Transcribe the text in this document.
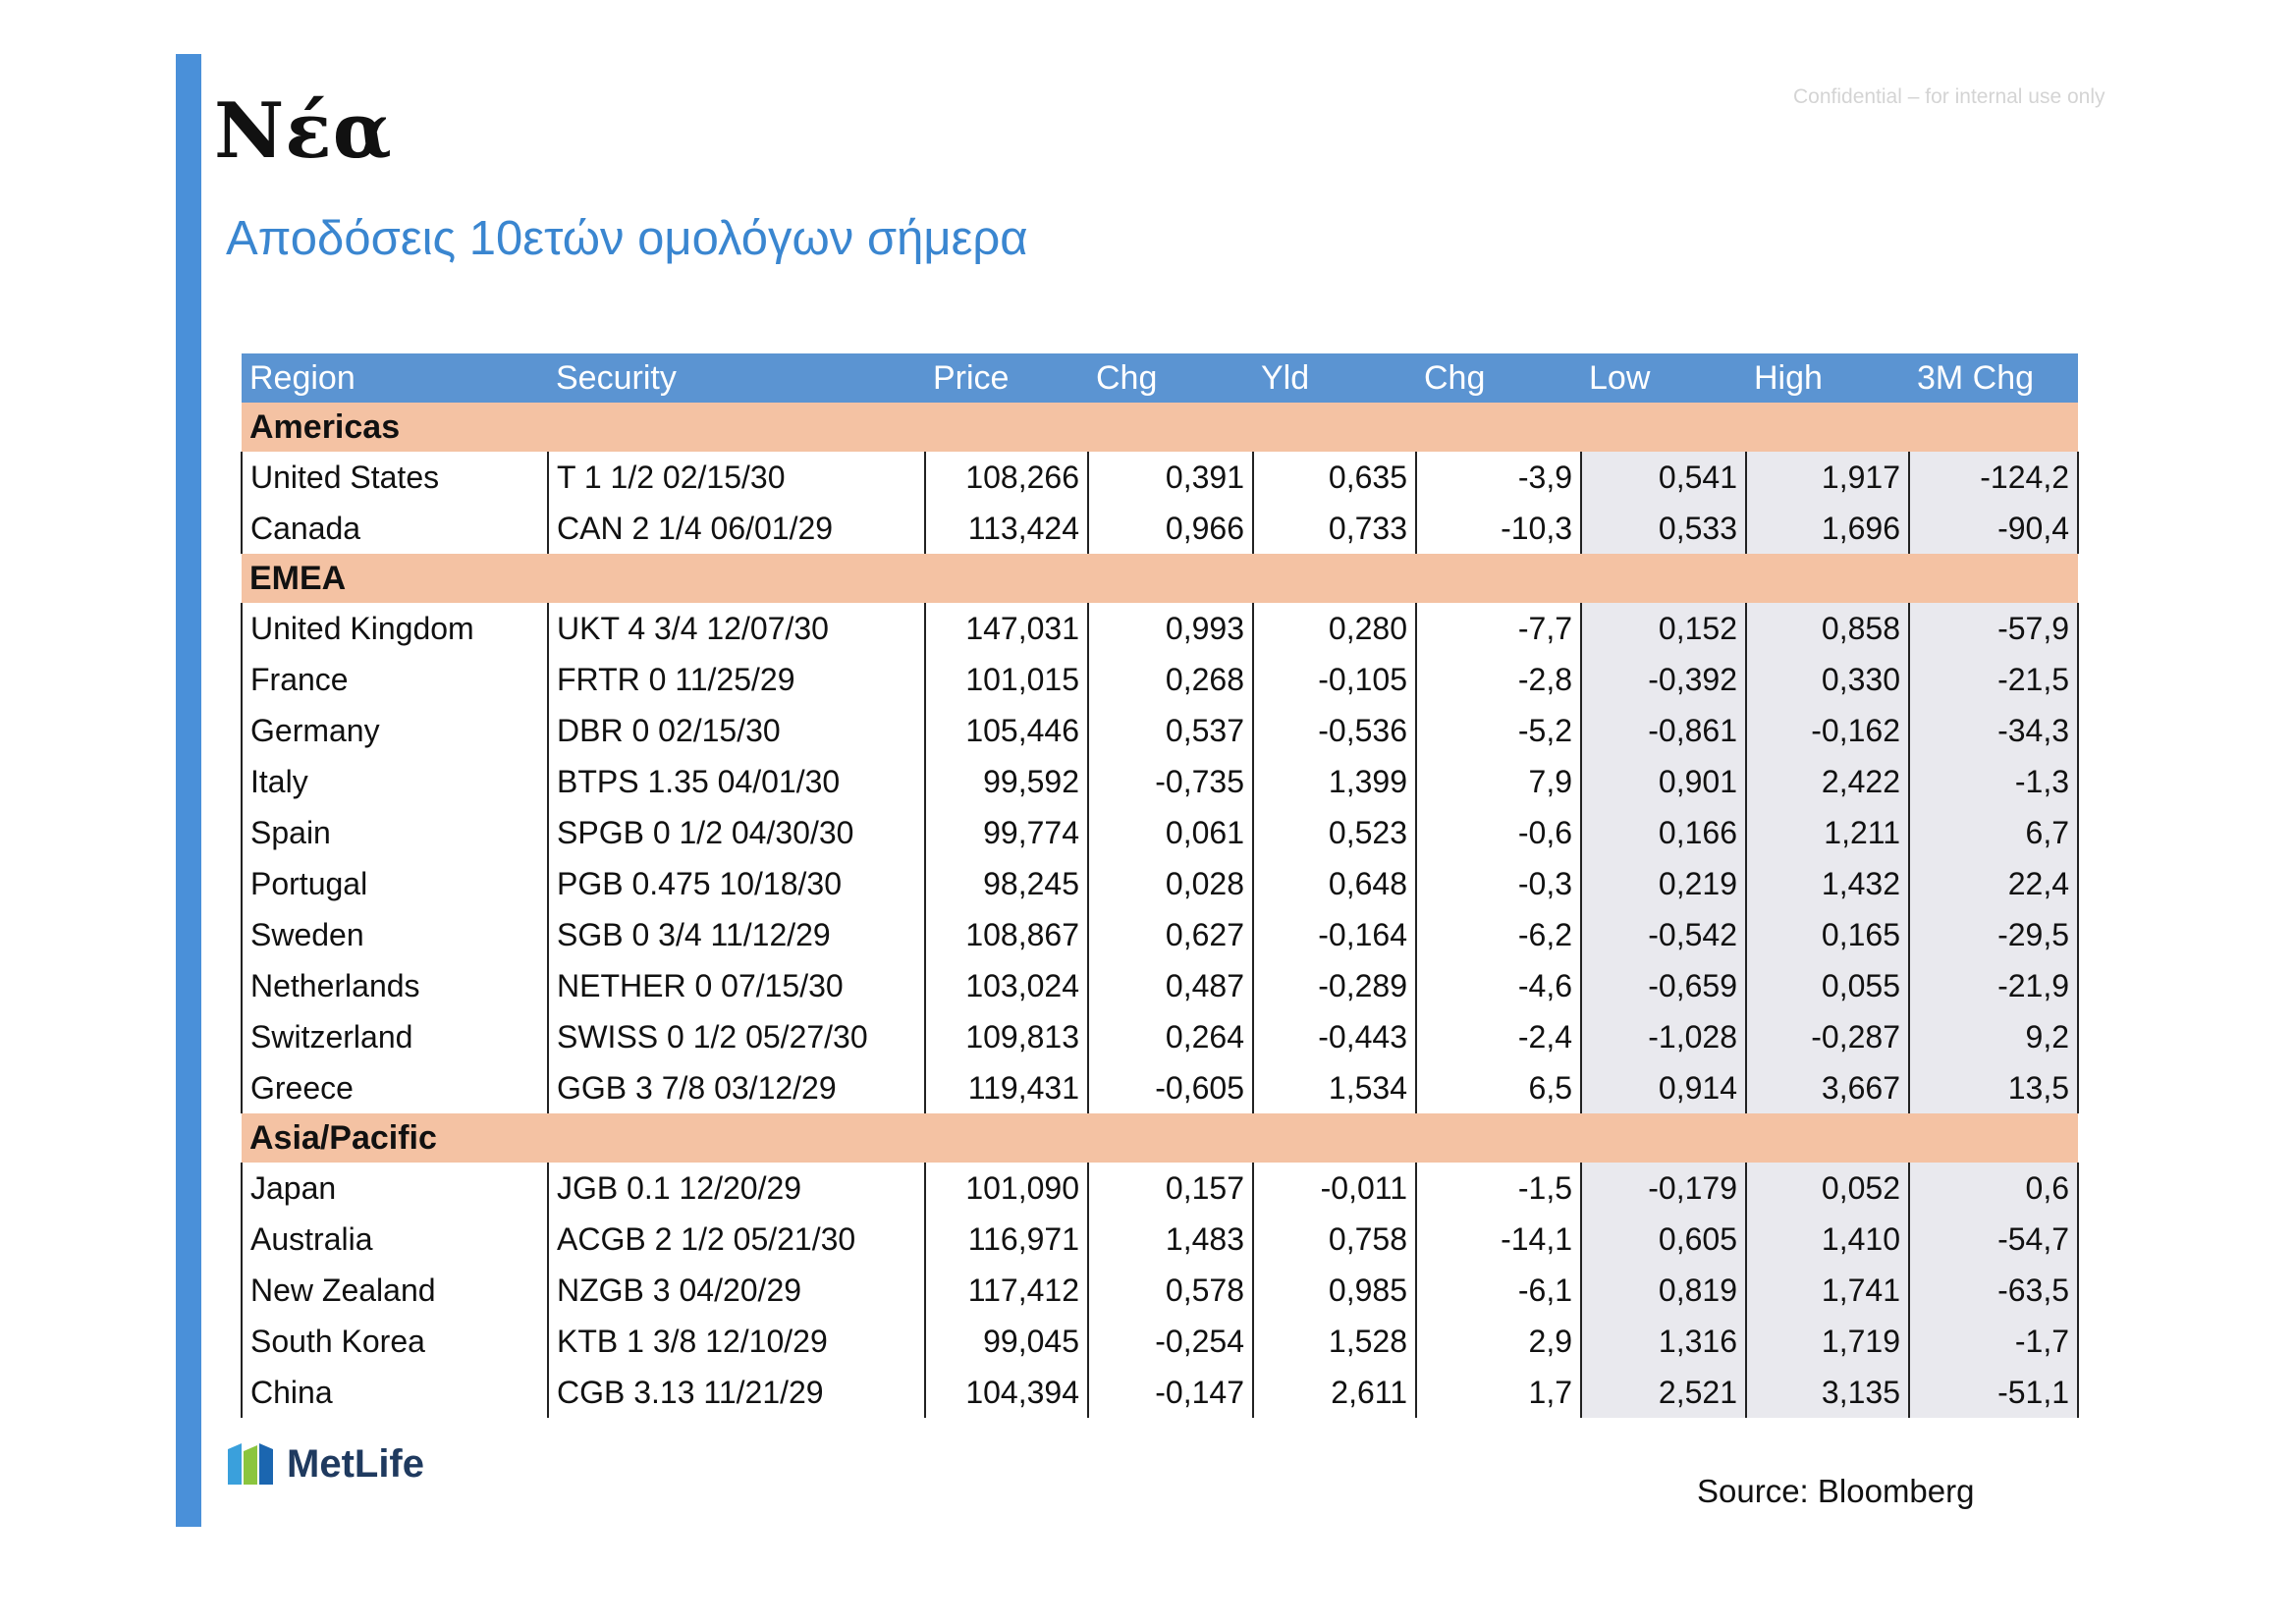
Νέα	Confidential – for internal use only
Αποδόσεις 10ετών ομολόγων σήμερα
Region	Security	Price	Chg	Yld	Chg	Low	High	3M Chg
Americas								
United States	T 1 1/2 02/15/30	108,266	0,391	0,635	-3,9	0,541	1,917	-124,2
Canada	CAN 2 1/4 06/01/29	113,424	0,966	0,733	-10,3	0,533	1,696	-90,4
EMEA								
United Kingdom	UKT 4 3/4 12/07/30	147,031	0,993	0,280	-7,7	0,152	0,858	-57,9
France	FRTR 0 11/25/29	101,015	0,268	-0,105	-2,8	-0,392	0,330	-21,5
Germany	DBR 0 02/15/30	105,446	0,537	-0,536	-5,2	-0,861	-0,162	-34,3
Italy	BTPS 1.35 04/01/30	99,592	-0,735	1,399	7,9	0,901	2,422	-1,3
Spain	SPGB 0 1/2 04/30/30	99,774	0,061	0,523	-0,6	0,166	1,211	6,7
Portugal	PGB 0.475 10/18/30	98,245	0,028	0,648	-0,3	0,219	1,432	22,4
Sweden	SGB 0 3/4 11/12/29	108,867	0,627	-0,164	-6,2	-0,542	0,165	-29,5
Netherlands	NETHER 0 07/15/30	103,024	0,487	-0,289	-4,6	-0,659	0,055	-21,9
Switzerland	SWISS 0 1/2 05/27/30	109,813	0,264	-0,443	-2,4	-1,028	-0,287	9,2
Greece	GGB 3 7/8 03/12/29	119,431	-0,605	1,534	6,5	0,914	3,667	13,5
Asia/Pacific								
Japan	JGB 0.1 12/20/29	101,090	0,157	-0,011	-1,5	-0,179	0,052	0,6
Australia	ACGB 2 1/2 05/21/30	116,971	1,483	0,758	-14,1	0,605	1,410	-54,7
New Zealand	NZGB 3 04/20/29	117,412	0,578	0,985	-6,1	0,819	1,741	-63,5
South Korea	KTB 1 3/8 12/10/29	99,045	-0,254	1,528	2,9	1,316	1,719	-1,7
China	CGB 3.13 11/21/29	104,394	-0,147	2,611	1,7	2,521	3,135	-51,1
MetLife
Source: Bloomberg
